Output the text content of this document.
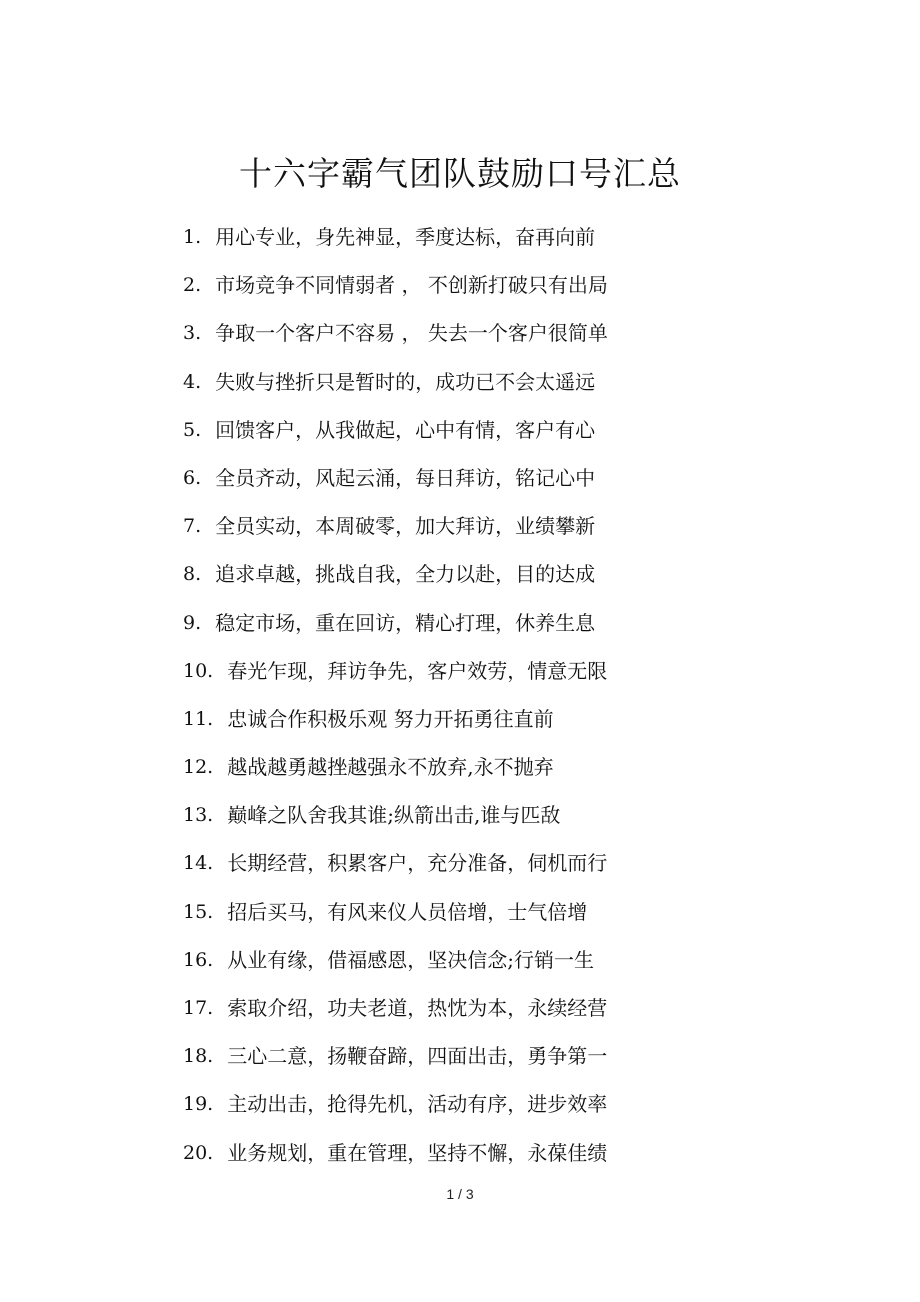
十六字霸气团队鼓励口号汇总
1. 用心专业，身先神显，季度达标，奋再向前
2. 市场竞争不同情弱者 ， 不创新打破只有出局
3. 争取一个客户不容易 ， 失去一个客户很简单
4. 失败与挫折只是暂时的，成功已不会太遥远
5. 回馈客户，从我做起，心中有情，客户有心
6. 全员齐动，风起云涌，每日拜访，铭记心中
7. 全员实动，本周破零，加大拜访，业绩攀新
8. 追求卓越，挑战自我，全力以赴，目的达成
9. 稳定市场，重在回访，精心打理，休养生息
10. 春光乍现，拜访争先，客户效劳，情意无限
11. 忠诚合作积极乐观 努力开拓勇往直前
12. 越战越勇越挫越强永不放弃,永不抛弃
13. 巅峰之队舍我其谁;纵箭出击,谁与匹敌
14. 长期经营，积累客户，充分准备，伺机而行
15. 招后买马，有风来仪人员倍增，士气倍增
16. 从业有缘，借福感恩，坚决信念;行销一生
17. 索取介绍，功夫老道，热忱为本，永续经营
18. 三心二意，扬鞭奋蹄，四面出击，勇争第一
19. 主动出击，抢得先机，活动有序，进步效率
20. 业务规划，重在管理，坚持不懈，永葆佳绩
1 / 3
